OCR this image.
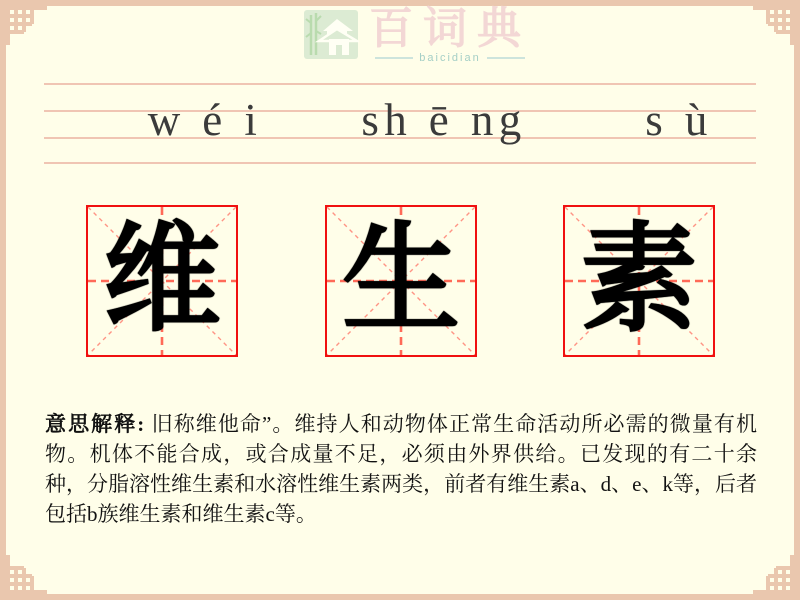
百词典
baicidian
w é i	sh ē ng	s ù
维 生 素
意思解释: 旧称维他命”。维持人和动物体正常生命活动所必需的微量有机物。机体不能合成，或合成量不足，必须由外界供给。已发现的有二十余种，分脂溶性维生素和水溶性维生素两类，前者有维生素a、d、e、k等，后者包括b族维生素和维生素c等。
